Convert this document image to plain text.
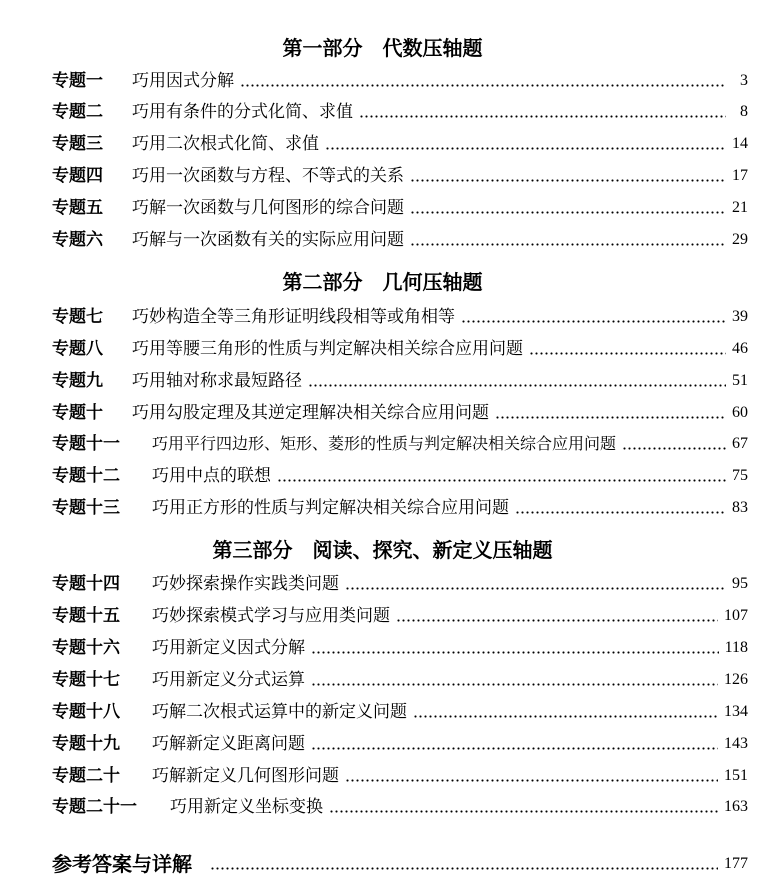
第一部分　代数压轴题
第二部分　几何压轴题
第三部分　阅读、探究、新定义压轴题
专题一	巧用因式分解	3
专题二	巧用有条件的分式化简、求值	8
专题三	巧用二次根式化简、求值	14
专题四	巧用一次函数与方程、不等式的关系	17
专题五	巧解一次函数与几何图形的综合问题	21
专题六	巧解与一次函数有关的实际应用问题	29
专题七	巧妙构造全等三角形证明线段相等或角相等	39
专题八	巧用等腰三角形的性质与判定解决相关综合应用问题	46
专题九	巧用轴对称求最短路径	51
专题十	巧用勾股定理及其逆定理解决相关综合应用问题	60
专题十一	巧用平行四边形、矩形、菱形的性质与判定解决相关综合应用问题	67
专题十二	巧用中点的联想	75
专题十三	巧用正方形的性质与判定解决相关综合应用问题	83
专题十四	巧妙探索操作实践类问题	95
专题十五	巧妙探索模式学习与应用类问题	107
专题十六	巧用新定义因式分解	118
专题十七	巧用新定义分式运算	126
专题十八	巧解二次根式运算中的新定义问题	134
专题十九	巧解新定义距离问题	143
专题二十	巧解新定义几何图形问题	151
专题二十一	巧用新定义坐标变换	163
参考答案与详解	177
